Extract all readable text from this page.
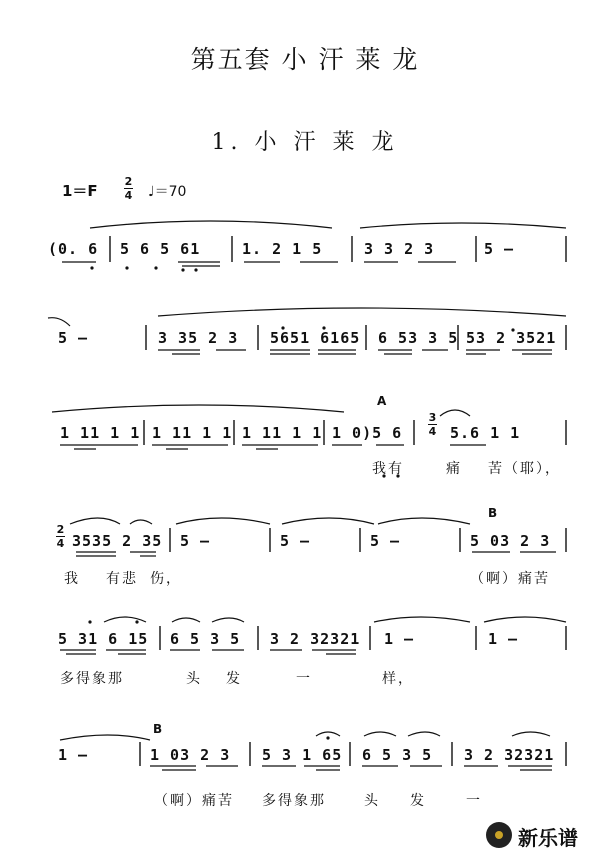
第五套 小 汗 莱 龙
1. 小 汗 莱 龙
1＝F
2
4 ♩＝70
(0. 6 5 6 5 61	1. 2 1 5	3 3 2 3	5 –
5 –	3 35 2 3 5651 6165 6 53 3 5 53 2 3521
A
3
4
1 11 1 1 1 11 1 1 1 11 1 1 1 0)5 6	5.6 1 1
我有	痛 苦（耶），
B
2
4 3535 2 35 5 –	5 –	5 –	5 03 2 3
我 有悲 伤，	（啊）痛苦
5 31 6 15 6 5 3 5 3 2 32321 1 –	1 –
多得象那	头 发	一	样，
B
1 –	1 03 2 3 5 3 1 65 6 5 3 5 3 2 32321
（啊）痛苦 多得象那	头 发	一
新乐谱
